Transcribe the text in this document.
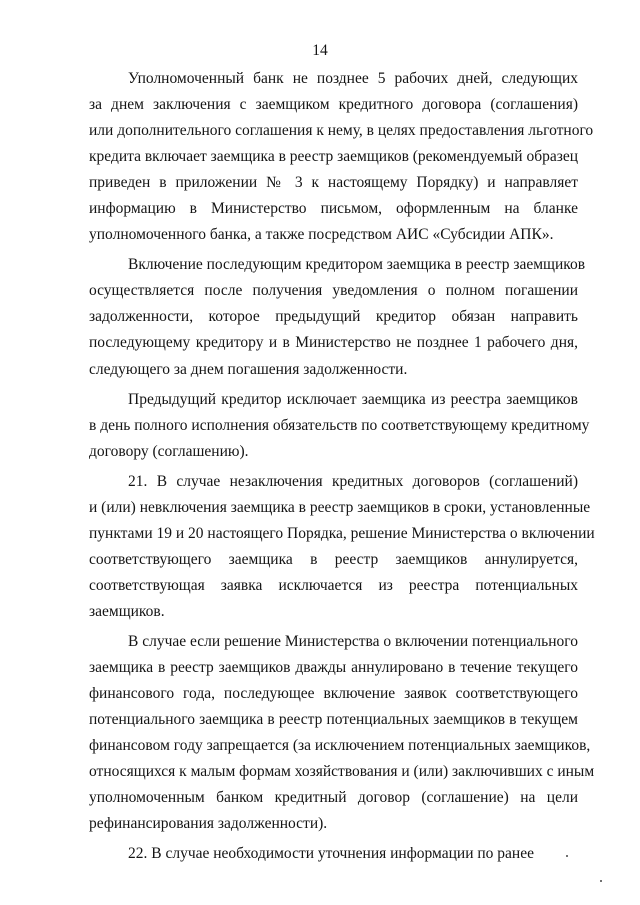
14
Уполномоченный банк не позднее 5 рабочих дней, следующих
за днем заключения с заемщиком кредитного договора (соглашения)
или дополнительного соглашения к нему, в целях предоставления льготного
кредита включает заемщика в реестр заемщиков (рекомендуемый образец
приведен в приложении № 3 к настоящему Порядку) и направляет
информацию в Министерство письмом, оформленным на бланке
уполномоченного банка, а также посредством АИС «Субсидии АПК».
Включение последующим кредитором заемщика в реестр заемщиков
осуществляется после получения уведомления о полном погашении
задолженности, которое предыдущий кредитор обязан направить
последующему кредитору и в Министерство не позднее 1 рабочего дня,
следующего за днем погашения задолженности.
Предыдущий кредитор исключает заемщика из реестра заемщиков
в день полного исполнения обязательств по соответствующему кредитному
договору (соглашению).
21. В случае незаключения кредитных договоров (соглашений)
и (или) невключения заемщика в реестр заемщиков в сроки, установленные
пунктами 19 и 20 настоящего Порядка, решение Министерства о включении
соответствующего заемщика в реестр заемщиков аннулируется,
соответствующая заявка исключается из реестра потенциальных
заемщиков.
В случае если решение Министерства о включении потенциального
заемщика в реестр заемщиков дважды аннулировано в течение текущего
финансового года, последующее включение заявок соответствующего
потенциального заемщика в реестр потенциальных заемщиков в текущем
финансовом году запрещается (за исключением потенциальных заемщиков,
относящихся к малым формам хозяйствования и (или) заключивших с иным
уполномоченным банком кредитный договор (соглашение) на цели
рефинансирования задолженности).
22. В случае необходимости уточнения информации по ранее
